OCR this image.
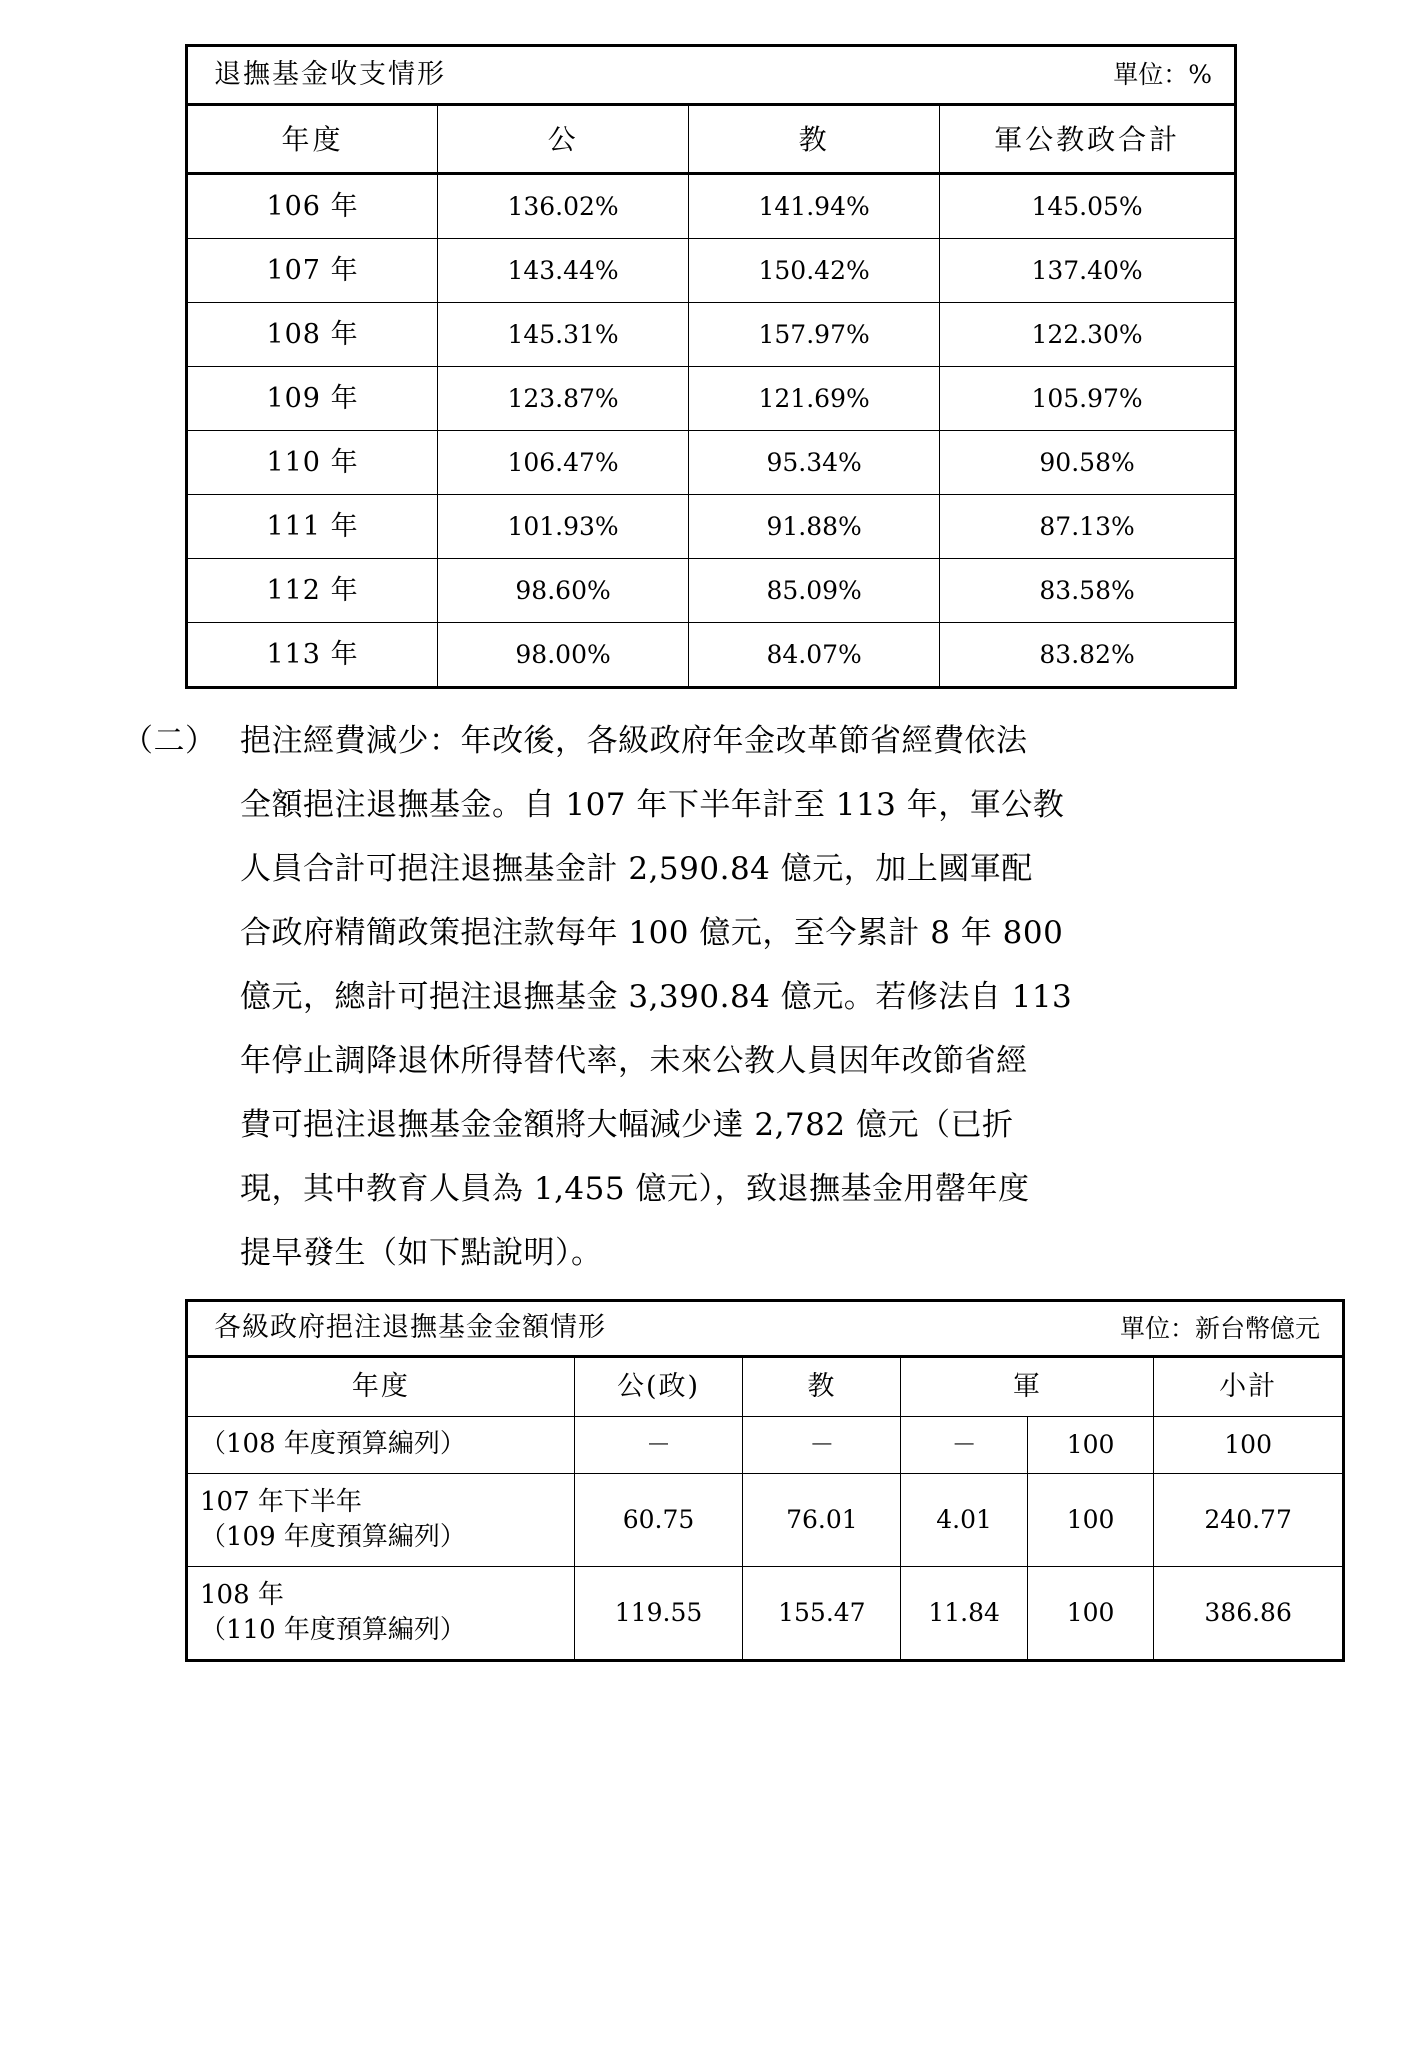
退撫基金收支情形		單位：%	
年度	公	教	軍公教政合計
106 年	136.02%	141.94%	145.05%
107 年	143.44%	150.42%	137.40%
108 年	145.31%	157.97%	122.30%
109 年	123.87%	121.69%	105.97%
110 年	106.47%	95.34%	90.58%
111 年	101.93%	91.88%	87.13%
112 年	98.60%	85.09%	83.58%
113 年	98.00%	84.07%	83.82%
（二） 挹注經費減少：年改後，各級政府年金改革節省經費依法
全額挹注退撫基金。自 107 年下半年計至 113 年，軍公教
人員合計可挹注退撫基金計 2,590.84 億元，加上國軍配
合政府精簡政策挹注款每年 100 億元，至今累計 8 年 800
億元，總計可挹注退撫基金 3,390.84 億元。若修法自 113
年停止調降退休所得替代率，未來公教人員因年改節省經
費可挹注退撫基金金額將大幅減少達 2,782 億元（已折
現，其中教育人員為 1,455 億元），致退撫基金用罄年度
提早發生（如下點說明）。
各級政府挹注退撫基金金額情形			單位：新台幣億元		
年度	公(政)	教	軍		小計
（108 年度預算編列）	－	－	－	100	100

107 年下半年
（109 年度預算編列）	60.75	76.01	4.01	100	240.77

108 年
（110 年度預算編列）	119.55	155.47	11.84	100	386.86
